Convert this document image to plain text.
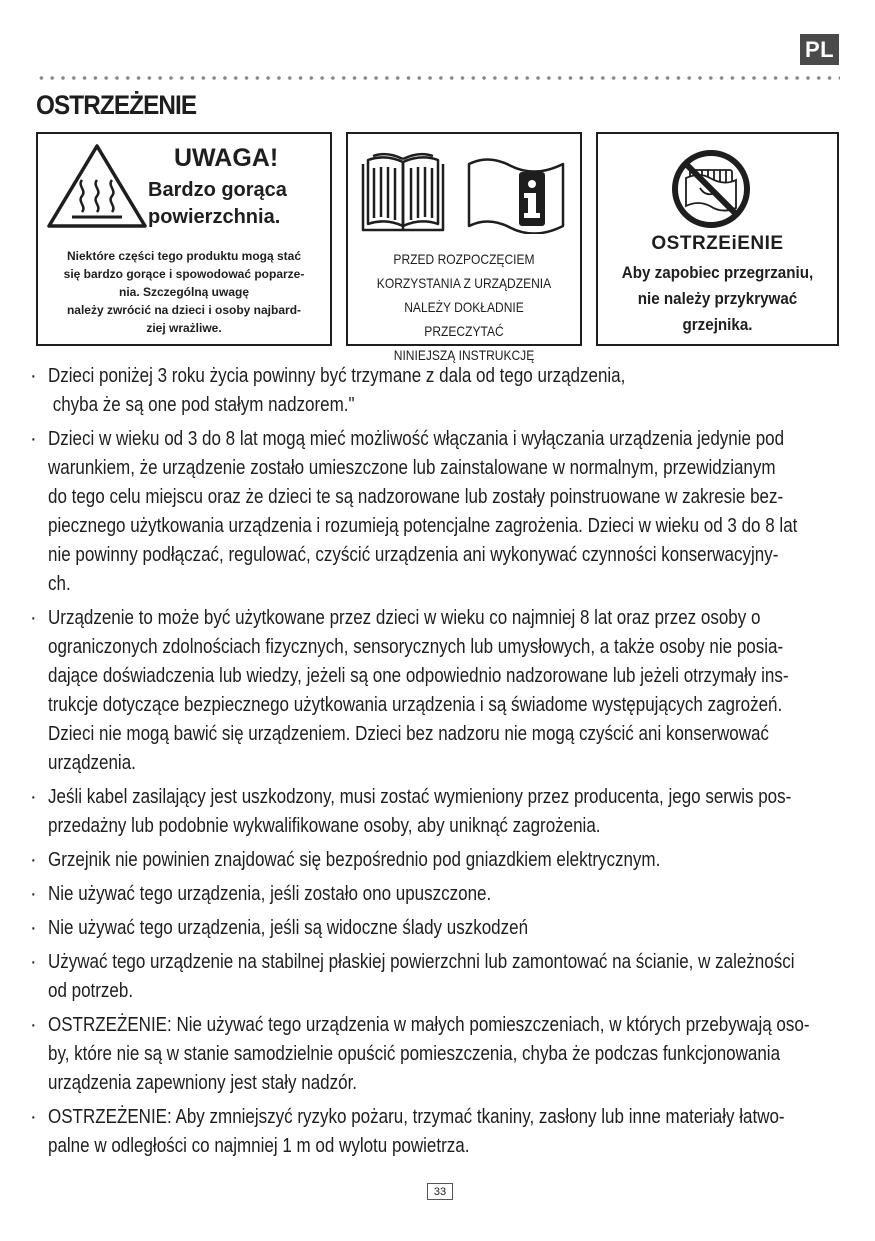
PL
OSTRZEŻENIE
UWAGA!
Bardzo gorąca
powierzchnia.
Niektóre części tego produktu mogą stać
się bardzo gorące i spowodować poparze-
nia. Szczególną uwagę
należy zwrócić na dzieci i osoby najbard-
ziej wrażliwe.
PRZED ROZPOCZĘCIEM
KORZYSTANIA Z URZĄDZENIA
NALEŻY DOKŁADNIE PRZECZYTAĆ
NINIEJSZĄ INSTRUKCJĘ
OSTRZEiENIE
Aby zapobiec przegrzaniu,
nie należy przykrywać
grzejnika.
· Dzieci poniżej 3 roku życia powinny być trzymane z dala od tego urządzenia,
chyba że są one pod stałym nadzorem."
· Dzieci w wieku od 3 do 8 lat mogą mieć możliwość włączania i wyłączania urządzenia jedynie pod
warunkiem, że urządzenie zostało umieszczone lub zainstalowane w normalnym, przewidzianym
do tego celu miejscu oraz że dzieci te są nadzorowane lub zostały poinstruowane w zakresie bez-
piecznego użytkowania urządzenia i rozumieją potencjalne zagrożenia. Dzieci w wieku od 3 do 8 lat
nie powinny podłączać, regulować, czyścić urządzenia ani wykonywać czynności konserwacyjny-
ch.
· Urządzenie to może być użytkowane przez dzieci w wieku co najmniej 8 lat oraz przez osoby o
ograniczonych zdolnościach fizycznych, sensorycznych lub umysłowych, a także osoby nie posia-
dające doświadczenia lub wiedzy, jeżeli są one odpowiednio nadzorowane lub jeżeli otrzymały ins-
trukcje dotyczące bezpiecznego użytkowania urządzenia i są świadome występujących zagrożeń.
Dzieci nie mogą bawić się urządzeniem. Dzieci bez nadzoru nie mogą czyścić ani konserwować
urządzenia.
· Jeśli kabel zasilający jest uszkodzony, musi zostać wymieniony przez producenta, jego serwis pos-
przedażny lub podobnie wykwalifikowane osoby, aby uniknąć zagrożenia.
· Grzejnik nie powinien znajdować się bezpośrednio pod gniazdkiem elektrycznym.
· Nie używać tego urządzenia, jeśli zostało ono upuszczone.
· Nie używać tego urządzenia, jeśli są widoczne ślady uszkodzeń
· Używać tego urządzenie na stabilnej płaskiej powierzchni lub zamontować na ścianie, w zależności
od potrzeb.
· OSTRZEŻENIE: Nie używać tego urządzenia w małych pomieszczeniach, w których przebywają oso-
by, które nie są w stanie samodzielnie opuścić pomieszczenia, chyba że podczas funkcjonowania
urządzenia zapewniony jest stały nadzór.
· OSTRZEŻENIE: Aby zmniejszyć ryzyko pożaru, trzymać tkaniny, zasłony lub inne materiały łatwo-
palne w odległości co najmniej 1 m od wylotu powietrza.
33
